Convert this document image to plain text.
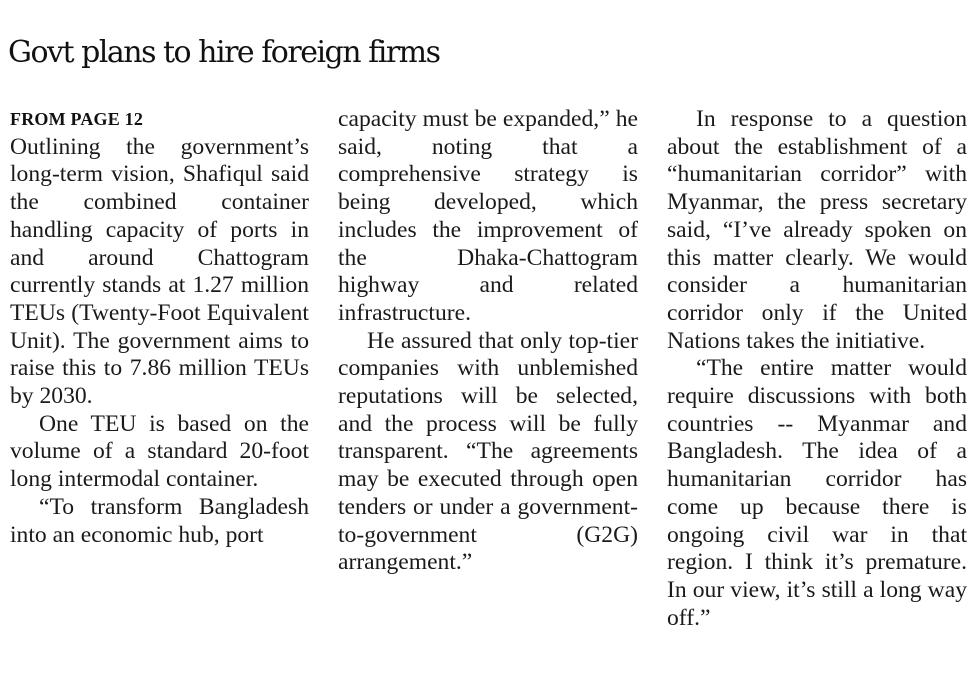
Govt plans to hire foreign firms
FROM PAGE 12

Outlining the government’s long-term vision, Shafiqul said the combined container handling capacity of ports in and around Chattogram currently stands at 1.27 million TEUs (Twenty-Foot Equivalent Unit). The government aims to raise this to 7.86 million TEUs by 2030.

One TEU is based on the volume of a standard 20-foot long intermodal container.

“To transform Bangladesh into an economic hub, port

capacity must be expanded,” he said, noting that a comprehensive strategy is being developed, which includes the improvement of the Dhaka-Chattogram highway and related infrastructure.

He assured that only top-tier companies with unblemished reputations will be selected, and the process will be fully transparent. “The agreements may be executed through open tenders or under a government-to-government (G2G) arrangement.”

In response to a question about the establishment of a “humanitarian corridor” with Myanmar, the press secretary said, “I’ve already spoken on this matter clearly. We would consider a humanitarian corridor only if the United Nations takes the initiative.

“The entire matter would require discussions with both countries -- Myanmar and Bangladesh. The idea of a humanitarian corridor has come up because there is ongoing civil war in that region. I think it’s premature. In our view, it’s still a long way off.”
